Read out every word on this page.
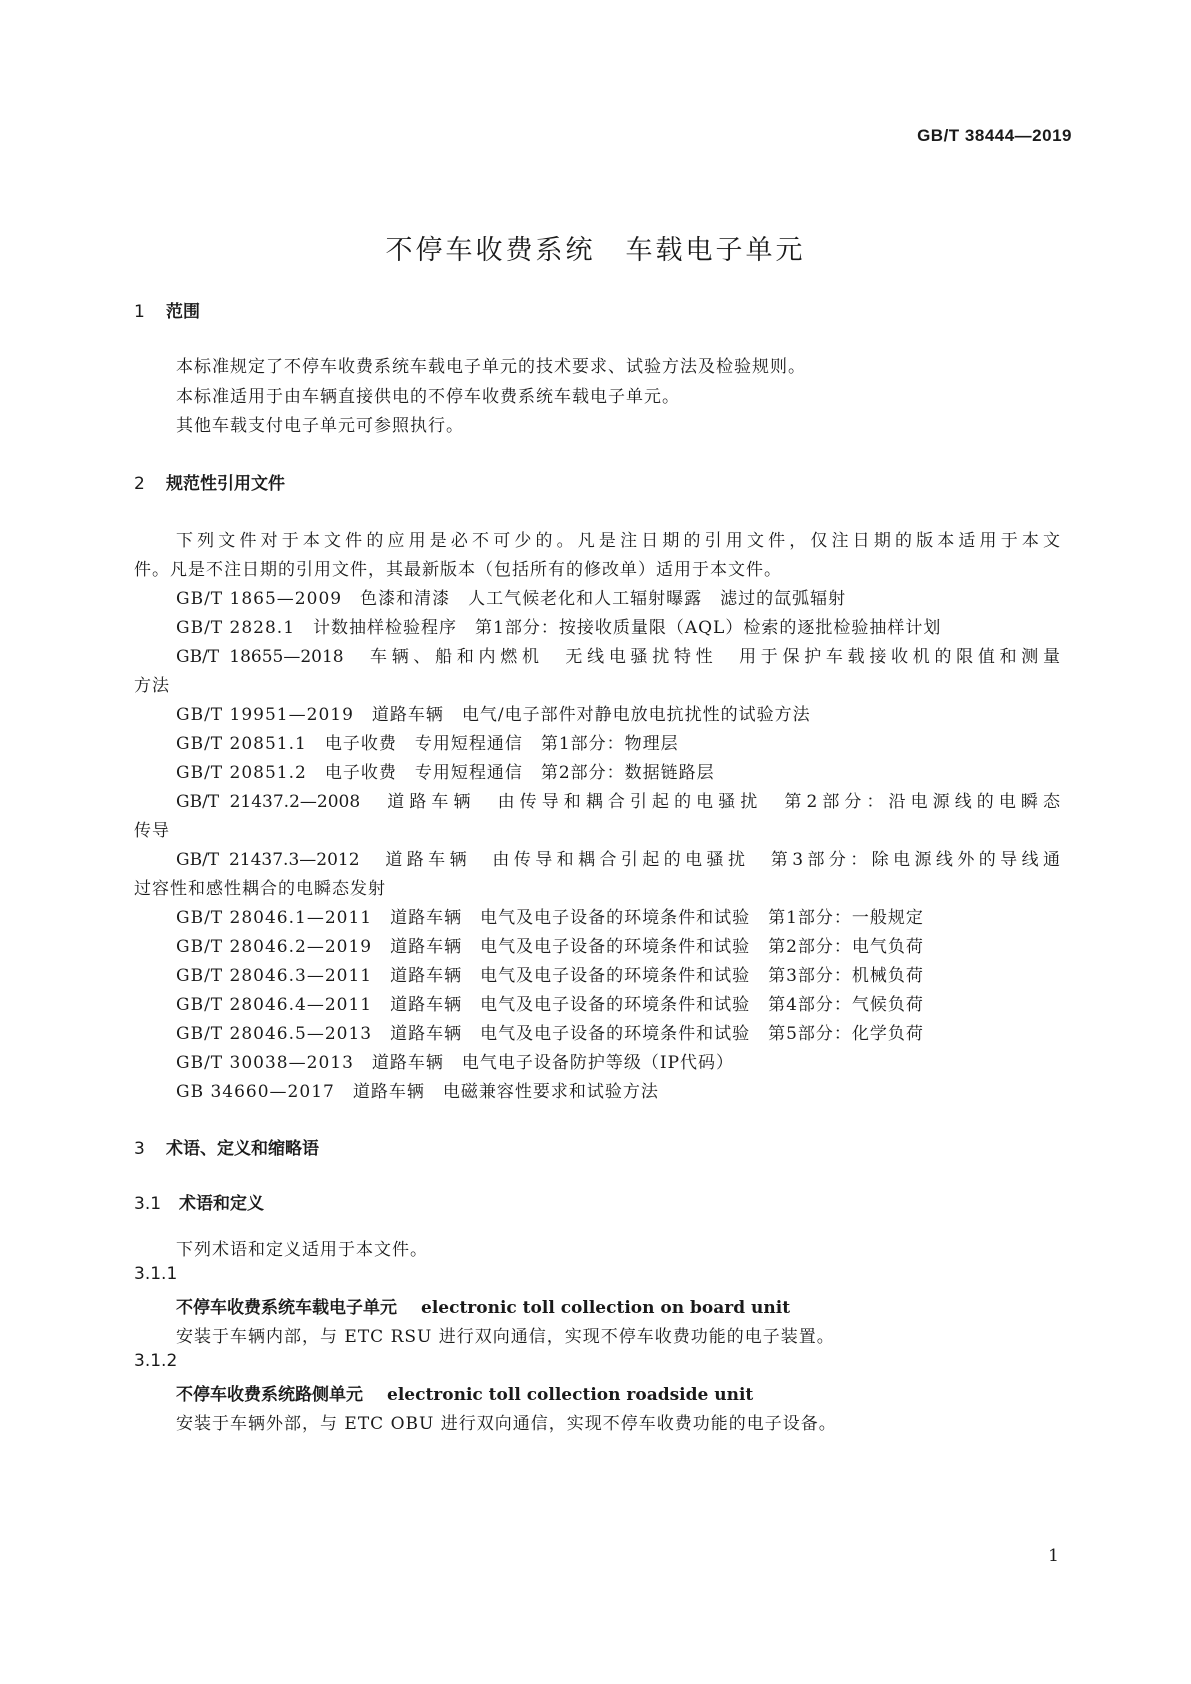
GB/T 38444—2019
不停车收费系统　车载电子单元
1 范围
本标准规定了不停车收费系统车载电子单元的技术要求、试验方法及检验规则。
本标准适用于由车辆直接供电的不停车收费系统车载电子单元。
其他车载支付电子单元可参照执行。
2 规范性引用文件
下列文件对于本文件的应用是必不可少的。凡是注日期的引用文件，仅注日期的版本适用于本文
件。凡是不注日期的引用文件，其最新版本（包括所有的修改单）适用于本文件。
GB/T 1865—2009　色漆和清漆　人工气候老化和人工辐射曝露　滤过的氙弧辐射
GB/T 2828.1　计数抽样检验程序　第1部分：按接收质量限（AQL）检索的逐批检验抽样计划
GB/T 18655—2018　车辆、船和内燃机　无线电骚扰特性　用于保护车载接收机的限值和测量
方法
GB/T 19951—2019　道路车辆　电气/电子部件对静电放电抗扰性的试验方法
GB/T 20851.1　电子收费　专用短程通信　第1部分：物理层
GB/T 20851.2　电子收费　专用短程通信　第2部分：数据链路层
GB/T 21437.2—2008　道路车辆　由传导和耦合引起的电骚扰　第2部分：沿电源线的电瞬态
传导
GB/T 21437.3—2012　道路车辆　由传导和耦合引起的电骚扰　第3部分：除电源线外的导线通
过容性和感性耦合的电瞬态发射
GB/T 28046.1—2011　道路车辆　电气及电子设备的环境条件和试验　第1部分：一般规定
GB/T 28046.2—2019　道路车辆　电气及电子设备的环境条件和试验　第2部分：电气负荷
GB/T 28046.3—2011　道路车辆　电气及电子设备的环境条件和试验　第3部分：机械负荷
GB/T 28046.4—2011　道路车辆　电气及电子设备的环境条件和试验　第4部分：气候负荷
GB/T 28046.5—2013　道路车辆　电气及电子设备的环境条件和试验　第5部分：化学负荷
GB/T 30038—2013　道路车辆　电气电子设备防护等级（IP代码）
GB 34660—2017　道路车辆　电磁兼容性要求和试验方法
3 术语、定义和缩略语
3.1 术语和定义
下列术语和定义适用于本文件。
3.1.1
不停车收费系统车载电子单元 electronic toll collection on board unit
安装于车辆内部，与 ETC RSU 进行双向通信，实现不停车收费功能的电子装置。
3.1.2
不停车收费系统路侧单元 electronic toll collection roadside unit
安装于车辆外部，与 ETC OBU 进行双向通信，实现不停车收费功能的电子设备。
1
